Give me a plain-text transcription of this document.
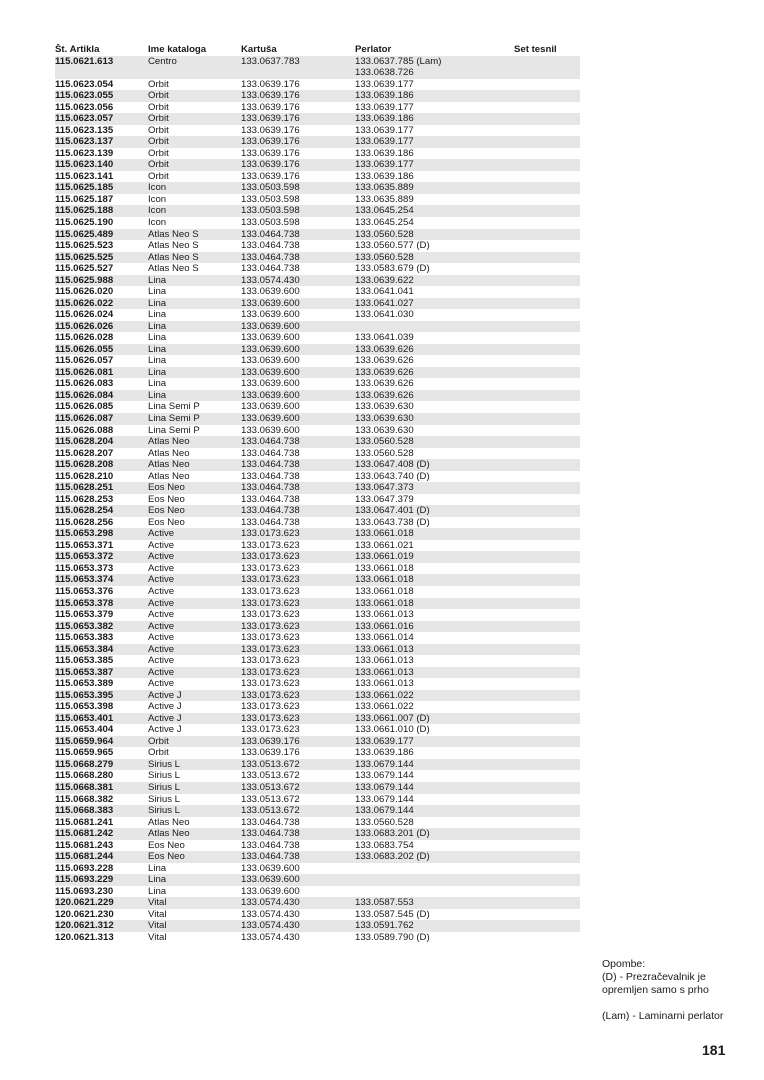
Št. Artikla	Ime kataloga	Kartuša	Perlator	Set tesnil
115.0621.613	Centro	133.0637.783	133.0637.785 (Lam)
133.0638.726
115.0623.054	Orbit	133.0639.176	133.0639.177
115.0623.055	Orbit	133.0639.176	133.0639.186
115.0623.056	Orbit	133.0639.176	133.0639.177
115.0623.057	Orbit	133.0639.176	133.0639.186
115.0623.135	Orbit	133.0639.176	133.0639.177
115.0623.137	Orbit	133.0639.176	133.0639.177
115.0623.139	Orbit	133.0639.176	133.0639.186
115.0623.140	Orbit	133.0639.176	133.0639.177
115.0623.141	Orbit	133.0639.176	133.0639.186
115.0625.185	Icon	133.0503.598	133.0635.889
115.0625.187	Icon	133.0503.598	133.0635.889
115.0625.188	Icon	133.0503.598	133.0645.254
115.0625.190	Icon	133.0503.598	133.0645.254
115.0625.489	Atlas Neo S	133.0464.738	133.0560.528
115.0625.523	Atlas Neo S	133.0464.738	133.0560.577 (D)
115.0625.525	Atlas Neo S	133.0464.738	133.0560.528
115.0625.527	Atlas Neo S	133.0464.738	133.0583.679 (D)
115.0625.988	Lina	133.0574.430	133.0639.622
115.0626.020	Lina	133.0639.600	133.0641.041
115.0626.022	Lina	133.0639.600	133.0641.027
115.0626.024	Lina	133.0639.600	133.0641.030
115.0626.026	Lina	133.0639.600
115.0626.028	Lina	133.0639.600	133.0641.039
115.0626.055	Lina	133.0639.600	133.0639.626
115.0626.057	Lina	133.0639.600	133.0639.626
115.0626.081	Lina	133.0639.600	133.0639.626
115.0626.083	Lina	133.0639.600	133.0639.626
115.0626.084	Lina	133.0639.600	133.0639.626
115.0626.085	Lina Semi P	133.0639.600	133.0639.630
115.0626.087	Lina Semi P	133.0639.600	133.0639.630
115.0626.088	Lina Semi P	133.0639.600	133.0639.630
115.0628.204	Atlas Neo	133.0464.738	133.0560.528
115.0628.207	Atlas Neo	133.0464.738	133.0560.528
115.0628.208	Atlas Neo	133.0464.738	133.0647.408 (D)
115.0628.210	Atlas Neo	133.0464.738	133.0643.740 (D)
115.0628.251	Eos Neo	133.0464.738	133.0647.373
115.0628.253	Eos Neo	133.0464.738	133.0647.379
115.0628.254	Eos Neo	133.0464.738	133.0647.401 (D)
115.0628.256	Eos Neo	133.0464.738	133.0643.738 (D)
115.0653.298	Active	133.0173.623	133.0661.018
115.0653.371	Active	133.0173.623	133.0661.021
115.0653.372	Active	133.0173.623	133.0661.019
115.0653.373	Active	133.0173.623	133.0661.018
115.0653.374	Active	133.0173.623	133.0661.018
115.0653.376	Active	133.0173.623	133.0661.018
115.0653.378	Active	133.0173.623	133.0661.018
115.0653.379	Active	133.0173.623	133.0661.013
115.0653.382	Active	133.0173.623	133.0661.016
115.0653.383	Active	133.0173.623	133.0661.014
115.0653.384	Active	133.0173.623	133.0661.013
115.0653.385	Active	133.0173.623	133.0661.013
115.0653.387	Active	133.0173.623	133.0661.013
115.0653.389	Active	133.0173.623	133.0661.013
115.0653.395	Active J	133.0173.623	133.0661.022
115.0653.398	Active J	133.0173.623	133.0661.022
115.0653.401	Active J	133.0173.623	133.0661.007 (D)
115.0653.404	Active J	133.0173.623	133.0661.010 (D)
115.0659.964	Orbit	133.0639.176	133.0639.177
115.0659.965	Orbit	133.0639.176	133.0639.186
115.0668.279	Sirius L	133.0513.672	133.0679.144
115.0668.280	Sirius L	133.0513.672	133.0679.144
115.0668.381	Sirius L	133.0513.672	133.0679.144
115.0668.382	Sirius L	133.0513.672	133.0679.144
115.0668.383	Sirius L	133.0513.672	133.0679.144
115.0681.241	Atlas Neo	133.0464.738	133.0560.528
115.0681.242	Atlas Neo	133.0464.738	133.0683.201 (D)
115.0681.243	Eos Neo	133.0464.738	133.0683.754
115.0681.244	Eos Neo	133.0464.738	133.0683.202 (D)
115.0693.228	Lina	133.0639.600
115.0693.229	Lina	133.0639.600
115.0693.230	Lina	133.0639.600
120.0621.229	Vital	133.0574.430	133.0587.553
120.0621.230	Vital	133.0574.430	133.0587.545 (D)
120.0621.312	Vital	133.0574.430	133.0591.762
120.0621.313	Vital	133.0574.430	133.0589.790 (D)

Opombe:

(D) - Prezračevalnik je opremljen samo s prho

(Lam) - Laminarni perlator

181
